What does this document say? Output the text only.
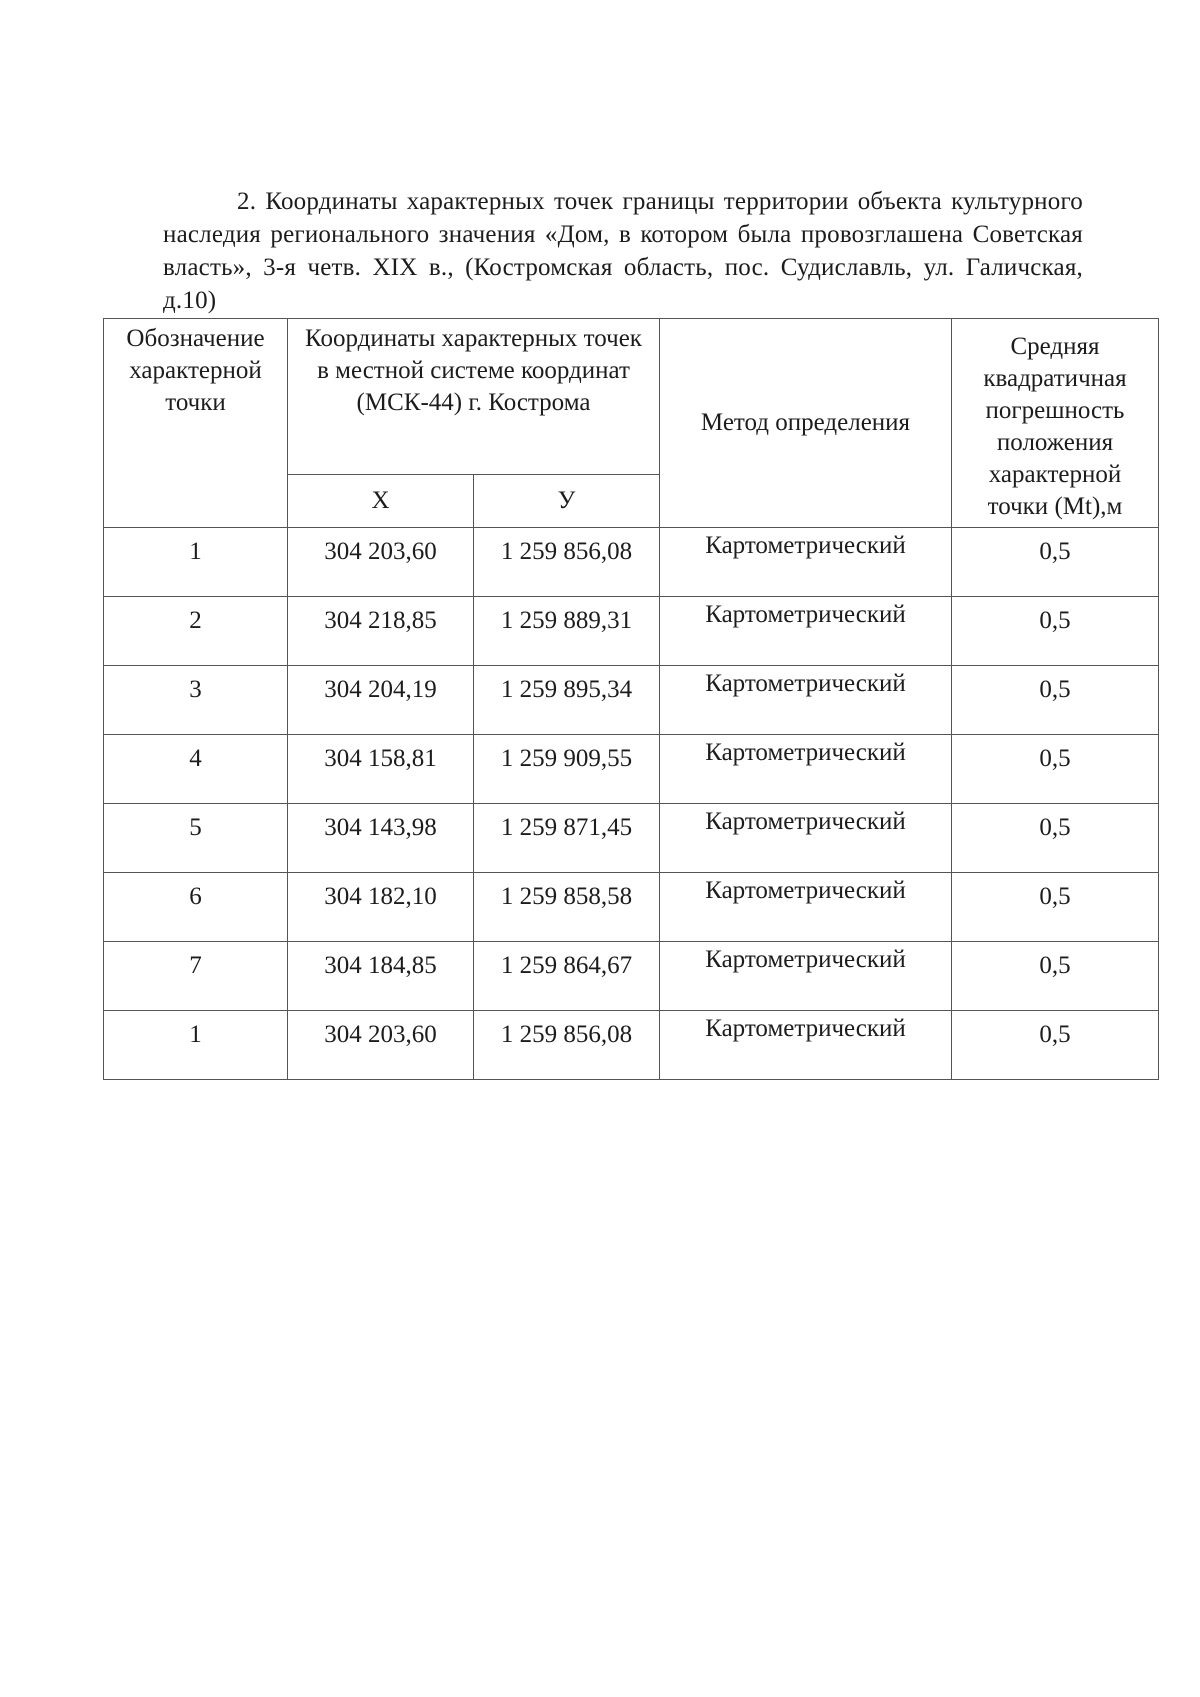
2. Координаты характерных точек границы территории объекта культурного наследия регионального значения «Дом, в котором была провозглашена Советская власть», 3-я четв. XIX в., (Костромская область, пос. Судиславль, ул. Галичская, д.10)

Обозначение характерной точки	Координаты характерных точек в местной системе координат (МСК-44) г. Кострома		Метод определения	Средняя квадратичная погрешность положения характерной точки (Mt),м
	X	У		
1	304 203,60	1 259 856,08	Картометрический	0,5
2	304 218,85	1 259 889,31	Картометрический	0,5
3	304 204,19	1 259 895,34	Картометрический	0,5
4	304 158,81	1 259 909,55	Картометрический	0,5
5	304 143,98	1 259 871,45	Картометрический	0,5
6	304 182,10	1 259 858,58	Картометрический	0,5
7	304 184,85	1 259 864,67	Картометрический	0,5
1	304 203,60	1 259 856,08	Картометрический	0,5
